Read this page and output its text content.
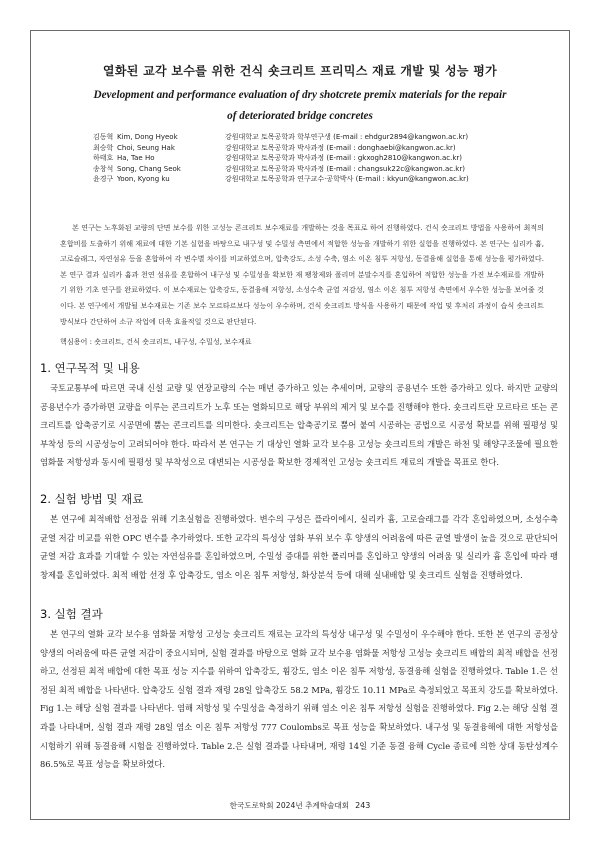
열화된 교각 보수를 위한 건식 숏크리트 프리믹스 재료 개발 및 성능 평가
Development and performance evaluation of dry shotcrete premix materials for the repair of deteriorated bridge concretes
김동혁 Kim, Dong Hyeok	강원대학교 토목공학과 학부연구생 (E-mail : ehdgur2894@kangwon.ac.kr)
최승학 Choi, Seung Hak	강원대학교 토목공학과 박사과정 (E-mail : donghaebi@kangwon.ac.kr)
하태호 Ha, Tae Ho	강원대학교 토목공학과 박사과정 (E-mail : gkxogh2810@kangwon.ac.kr)
송창석 Song, Chang Seok	강원대학교 토목공학과 박사과정 (E-mail : changsuk22c@kangwon.ac.kr)
윤경구 Yoon, Kyong ku	강원대학교 토목공학과 연구교수·공학박사 (E-mail : kkyun@kangwon.ac.kr)
본 연구는 노후화된 교량의 단면 보수를 위한 고성능 콘크리트 보수재료를 개발하는 것을 목표로 하여 진행하였다. 건식 숏크리트 방법을 사용하여 최적의 혼합비를 도출하기 위해 재료에 대한 기본 실험을 바탕으로 내구성 및 수밀성 측면에서 적합한 성능을 개발하기 위한 실험을 진행하였다. 본 연구는 실리카 흄, 고로슬래그, 자연섬유 등을 혼합하여 각 변수별 차이를 비교하였으며, 압축강도, 소성 수축, 염소 이온 침투 저항성, 동결융해 실험을 통해 성능을 평가하였다. 본 연구 결과 실리카 흄과 천연 섬유를 혼합하여 내구성 및 수밀성을 확보한 재 팽창제와 폴리머 분말수지를 혼입하여 적합한 성능을 가진 보수재료를 개발하기 위한 기초 연구를 완료하였다. 이 보수재료는 압축강도, 동결융해 저항성, 소성수축 균열 저감성, 염소 이온 침투 저항성 측면에서 우수한 성능을 보여줄 것이다. 본 연구에서 개발될 보수재료는 기존 보수 모르타르보다 성능이 우수하며, 건식 숏크리트 방식을 사용하기 때문에 작업 및 후처리 과정이 습식 숏크리트 방식보다 간단하여 소규 작업에 더욱 효율적일 것으로 판단된다.
핵심용어 : 숏크리트, 건식 숏크리트, 내구성, 수밀성, 보수재료
1. 연구목적 및 내용
국토교통부에 따르면 국내 신설 교량 및 연장교량의 수는 매년 증가하고 있는 추세이며, 교량의 공용년수 또한 증가하고 있다. 하지만 교량의 공용년수가 증가하면 교량을 이루는 콘크리트가 노후 또는 열화되므로 해당 부위의 제거 및 보수를 진행해야 한다. 숏크리트란 모르타르 또는 콘크리트를 압축공기로 시공면에 뿜는 콘크리트를 의미한다. 숏크리트는 압축공기로 뿜어 붙여 시공하는 공법으로 시공성 확보를 위해 필평성 및 부착성 등의 시공성능이 고려되어야 한다. 따라서 본 연구는 기 대상인 열화 교각 보수용 고성능 숏크리트의 개발은 하천 및 해양구조물에 필요한 염화물 저항성과 동시에 필평성 및 부착성으로 대변되는 시공성을 확보한 경제적인 고성능 숏크리트 재료의 개발을 목표로 한다.
2. 실험 방법 및 재료
본 연구에 최적배합 선정을 위해 기초실험을 진행하였다. 변수의 구성은 플라이에시, 실리카 흄, 고로슬래그를 각각 혼입하였으며, 소성수축 균열 저감 비교를 위한 OPC 변수를 추가하였다. 또한 교각의 특성상 염화 부위 보수 후 양생의 어려움에 따른 균열 발생이 높을 것으로 판단되어 균열 저감 효과를 기대할 수 있는 자연섬유를 혼입하였으며, 수밀성 증대를 위한 폴리머를 혼입하고 양생의 어려움 및 실리카 흄 혼입에 따라 팽창제를 혼입하였다. 최적 배합 선정 후 압축강도, 염소 이온 침투 저항성, 화상분석 등에 대해 실내배합 및 숏크리트 실험을 진행하였다.
3. 실험 결과
본 연구의 열화 교각 보수용 염화물 저항성 고성능 숏크리트 재료는 교각의 특성상 내구성 및 수밀성이 우수해야 한다. 또한 본 연구의 공정상 양생의 어려움에 따른 균열 저감이 중요시되며, 실험 결과를 바탕으로 열화 교각 보수용 염화물 저항성 고성능 숏크리트 배합의 최적 배합을 선정하고, 선정된 최적 배합에 대한 목표 성능 지수를 위하여 압축강도, 휨강도, 염소 이온 침투 저항성, 동결융해 실험을 진행하였다. Table 1.은 선정된 최적 배합을 나타낸다. 압축강도 실험 결과 재령 28일 압축강도 58.2 MPa, 휨강도 10.11 MPa로 측정되었고 목표치 강도를 확보하였다. Fig 1.는 해당 실험 결과를 나타낸다. 염해 저항성 및 수밀성을 측정하기 위해 염소 이온 침투 저항성 실험을 진행하였다. Fig 2.는 해당 실험 결과를 나타내며, 실험 결과 재령 28일 염소 이온 침투 저항성 777 Coulombs로 목표 성능을 확보하였다. 내구성 및 동결융해에 대한 저항성을 시험하기 위해 동결융해 시험을 진행하였다. Table 2.은 실험 결과를 나타내며, 재령 14일 기준 동결 융해 Cycle 종료에 의한 상대 동탄성계수 86.5%로 목표 성능을 확보하였다.
한국도로학회 2024년 추계학술대회 243
